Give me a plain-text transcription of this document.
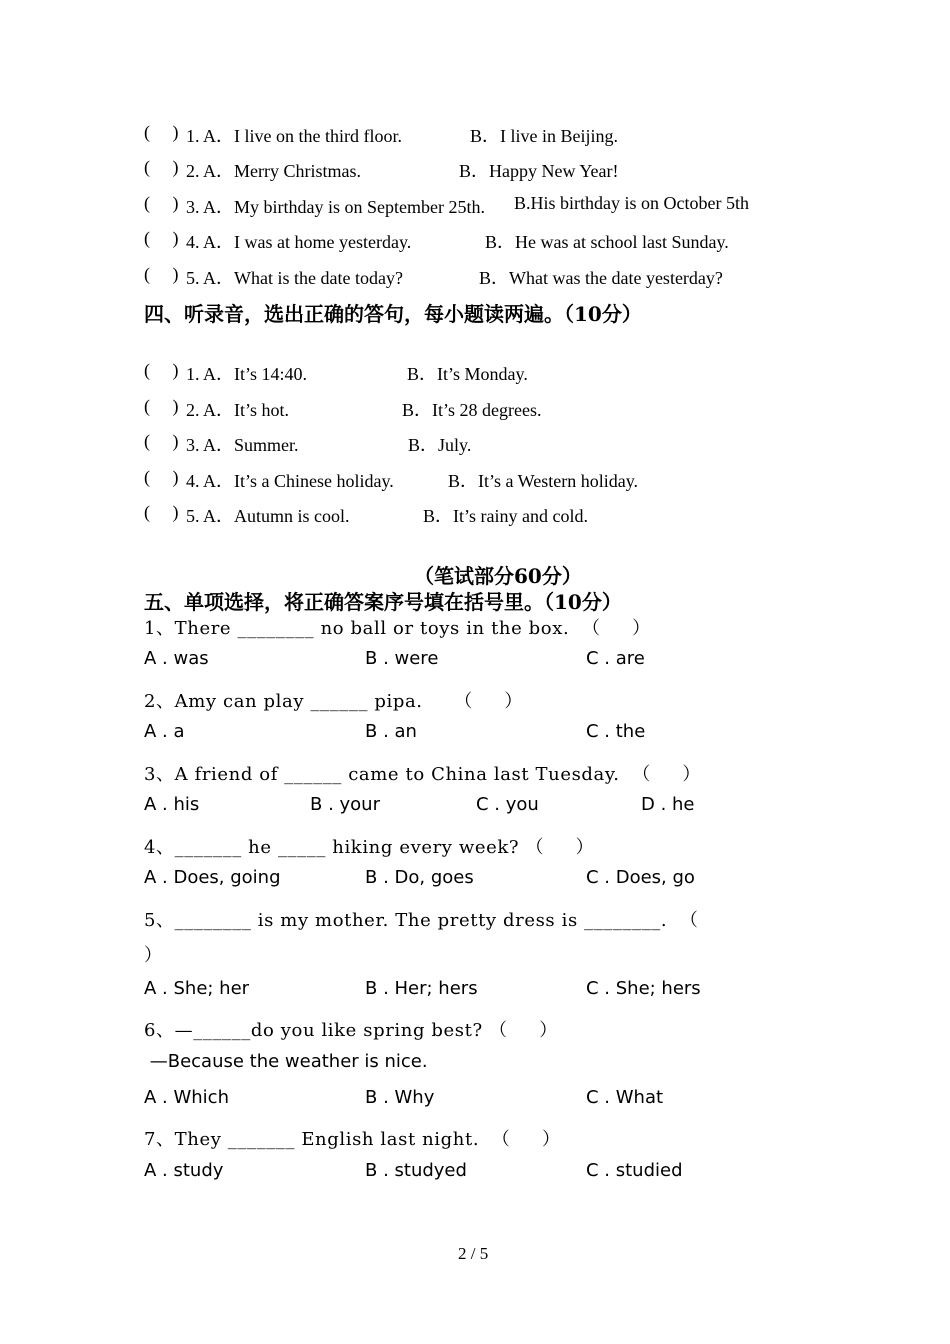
(     ) 1. A．I live on the third floor.	B．I live in Beijing.
(     ) 2. A．Merry Christmas.	B．Happy New Year!
(     ) 3. A．My birthday is on September 25th. B.His birthday is on October 5th
(     ) 4. A．I was at home yesterday.	B．He was at school last Sunday.
(     ) 5. A．What is the date today?	B．What was the date yesterday?
四、听录音，选出正确的答句，每小题读两遍。（10分）
(     ) 1. A．It’s 14:40.	B．It’s Monday.
(     ) 2. A．It’s hot.	B．It’s 28 degrees.
(     ) 3. A．Summer.	B．July.
(     ) 4. A．It’s a Chinese holiday.	B．It’s a Western holiday.
(     ) 5. A．Autumn is cool.	B．It’s rainy and cold.
（笔试部分60分）
五、单项选择，将正确答案序号填在括号里。（10分）
1、There ________ no ball or toys in the box.  （     ）
A . was	B . were	C . are
2、Amy can play ______ pipa.     （     ）
A . a	B . an	C . the
3、A friend of ______ came to China last Tuesday.  （     ）
A . his	B . your	C . you	D . he
4、_______ he _____ hiking every week? （     ）
A . Does, going	B . Do, goes	C . Does, go
5、________ is my mother. The pretty dress is ________.  （
）
A . She; her	B . Her; hers	C . She; hers
6、—______do you like spring best? （     ）
—Because the weather is nice.
A . Which	B . Why	C . What
7、They _______ English last night.  （     ）
A . study	B . studyed	C . studied
2 / 5
